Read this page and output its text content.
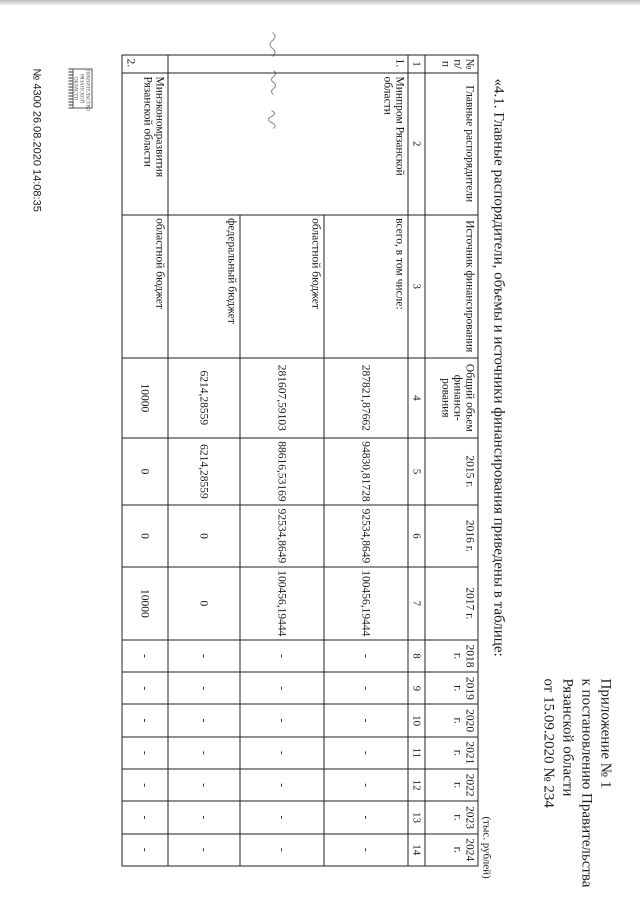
Приложение № 1
к постановлению Правительства
Рязанской области
от 15.09.2020 № 234
«4.1. Главные распорядители, объемы и источники финансирования приведены в таблице:
(тыс. рублей)
№ п/п	Главные распорядители	Источник финансирования	Общий объем финанси-рования	2015 г.	2016 г.	2017 г.	2018 г.	2019 г.	2020 г.	2021 г.	2022 г.	2023 г.	2024 г.
1	2	3	4	5	6	7	8	9	10	11	12	13	14
1.	Минпром Рязанской области	всего, в том числе:	287821,87662	94830,81728	92534,8649	100456,19444	-	-	-	-	-	-	-
		областной бюджет	281607,59103	88616,53169	92534,8649	100456,19444	-	-	-	-	-	-	-
		федеральный бюджет	6214,28559	6214,28559	0	0	-	-	-	-	-	-	-
2.	Минэкономразвития Рязанской области	областной бюджет	10000	0	0	10000	-	-	-	-	-	-	-
ПРАВИТЕЛЬСТВО РЯЗАНСКОЙ ОБЛАСТИ
№ 4300 26.08.2020 14:08:35
